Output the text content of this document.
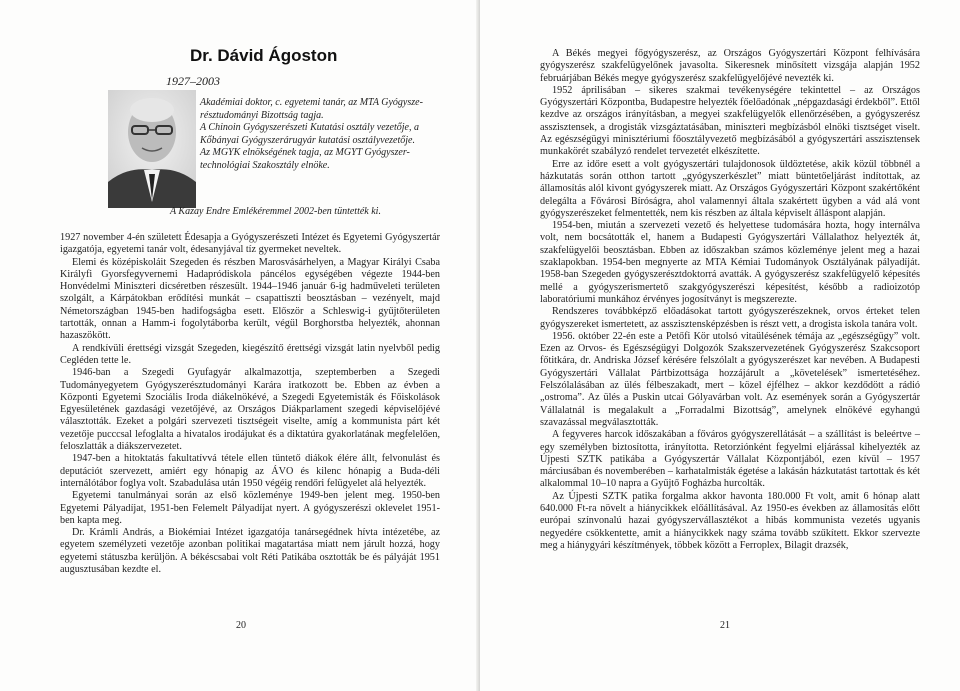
Dr. Dávid Ágoston
1927–2003

Akadémiai doktor, c. egyetemi tanár, az MTA Gyógysze-

résztudományi Bizottság tagja.

A Chinoin Gyógyszerészeti Kutatási osztály vezetője, a

Kőbányai Gyógyszerárugyár kutatási osztályvezetője.

Az MGYK elnökségének tagja, az MGYT Gyógyszer-

technológiai Szakosztály elnöke.

A Kazay Endre Emlékéremmel 2002-ben tüntették ki.

1927 november 4-én született Édesapja a Gyógyszerészeti Intézet és Egyetemi Gyógyszertár igazgatója, egyetemi tanár volt, édesanyjával tíz gyermeket neveltek.

Elemi és középiskoláit Szegeden és részben Marosvásárhelyen, a Magyar Királyi Csaba Királyfi Gyorsfegyvernemi Hadapródiskola páncélos egységében végezte 1944-ben Honvédelmi Miniszteri dicséretben részesült. 1944–1946 január 6-ig hadműveleti területen szolgált, a Kárpátokban erődítési munkát – csapattiszti beosztásban – vezényelt, majd Németországban 1945-ben hadifogságba esett. Először a Schleswig-i gyűjtőterületen tartották, onnan a Hamm-i fogolytáborba került, végül Borghorstba helyezték, ahonnan hazaszökött.

A rendkívüli érettségi vizsgát Szegeden, kiegészítő érettségi vizsgát latin nyelvből pedig Cegléden tette le.

1946-ban a Szegedi Gyufagyár alkalmazottja, szeptemberben a Szegedi Tudományegyetem Gyógyszerésztudományi Karára iratkozott be. Ebben az évben a Központi Egyetemi Szociális Iroda diákelnökévé, a Szegedi Egyetemisták és Főiskolások Egyesületének gazdasági vezetőjévé, az Országos Diákparlament szegedi képviselőjévé választották. Ezeket a polgári szervezeti tisztségeit viselte, amíg a kommunista párt két vezetője pucccsal lefoglalta a hivatalos irodájukat és a diktatúra gyakorlatának megfelelően, feloszlatták a diákszervezetet.

1947-ben a hitoktatás fakultatívvá tétele ellen tüntető diákok élére állt, felvonulást és deputációt szervezett, amiért egy hónapig az ÁVO és kilenc hónapig a Buda-déli internálótábor foglya volt. Szabadulása után 1950 végéig rendőri felügyelet alá helyezték.

Egyetemi tanulmányai során az első közleménye 1949-ben jelent meg. 1950-ben Egyetemi Pályadíjat, 1951-ben Felemelt Pályadíjat nyert. A gyógyszerészi oklevelet 1951-ben kapta meg.

Dr. Krámli András, a Biokémiai Intézet igazgatója tanársegédnek hívta intézetébe, az egyetem személyzeti vezetője azonban politikai magatartása miatt nem járult hozzá, hogy egyetemi státuszba kerüljön. A békéscsabai volt Réti Patikába osztották be és pályáját 1951 augusztusában kezdte el.

20

A Békés megyei főgyógyszerész, az Országos Gyógyszertári Központ felhívására gyógyszerész szakfelügyelőnek javasolta. Sikeresnek minősített vizsgája alapján 1952 februárjában Békés megye gyógyszerész szakfelügyelőjévé nevezték ki.

1952 áprilisában – sikeres szakmai tevékenységére tekintettel – az Országos Gyógyszertári Központba, Budapestre helyezték főelőadónak „népgazdasági érdekből”. Ettől kezdve az országos irányításban, a megyei szakfelügyelők ellenőrzésében, a gyógyszerész asszisztensek, a drogisták vizsgáztatásában, miniszteri megbízásból elnöki tisztséget viselt. Az egészségügyi minisztériumi főosztályvezető megbízásából a gyógyszertári asszisztensek munkakörét szabályzó rendelet tervezetét elkészítette.

Erre az időre esett a volt gyógyszertári tulajdonosok üldöztetése, akik közül többnél a házkutatás során otthon tartott „gyógyszerkészlet” miatt büntetőeljárást indítottak, az államosítás alól kivont gyógyszerek miatt. Az Országos Gyógyszertári Központ szakértőként delegálta a Fővárosi Bíróságra, ahol valamennyi általa szakértett ügyben a vád alá vont gyógyszerészeket felmentették, nem kis részben az általa képviselt álláspont alapján.

1954-ben, miután a szervezeti vezető és helyettese tudomására hozta, hogy internálva volt, nem bocsátották el, hanem a Budapesti Gyógyszertári Vállalathoz helyezték át, szakfelügyelői beosztásban. Ebben az időszakban számos közleménye jelent meg a hazai szaklapokban. 1954-ben megnyerte az MTA Kémiai Tudományok Osztályának pályadíját. 1958-ban Szegeden gyógyszerésztdoktorrá avatták. A gyógyszerész szakfelügyelő képesítés mellé a gyógyszerismertető szakgyógyszerészi képesítést, később a radioizotóp laboratóriumi munkához érvényes jogosítványt is megszerezte.

Rendszeres továbbképző előadásokat tartott gyógyszerészeknek, orvos érteket telen gyógyszereket ismertetett, az asszisztensképzésben is részt vett, a drogista iskola tanára volt.

1956. október 22-én este a Petőfi Kör utolsó vitaülésének témája az „egészségügy” volt. Ezen az Orvos- és Egészségügyi Dolgozók Szakszervezetének Gyógyszerész Szakcsoport főtitkára, dr. Andriska József kérésére felszólalt a gyógyszerészet kar nevében. A Budapesti Gyógyszertári Vállalat Pártbizottsága hozzájárult a „követelések” ismertetéséhez. Felszólalásában az ülés félbeszakadt, mert – közel éjfélhez – akkor kezdődött a rádió „ostroma”. Az ülés a Puskin utcai Gólyavárban volt. Az események során a Gyógyszertár Vállalatnál is megalakult a „Forradalmi Bizottság”, amelynek elnökévé egyhangú szavazással megválasztották.

A fegyveres harcok időszakában a főváros gyógyszerellátását – a szállítást is beleértve – egy személyben biztosította, irányította. Retorziónként fegyelmi eljárással kihelyezték az Újpesti SZTK patikába a Gyógyszertár Vállalat Központjából, ezen kívül – 1957 márciusában és novemberében – karhatalmisták égetése a lakásán házkutatást tartottak és két alkalommal 10–10 napra a Gyűjtő Fogházba hurcolták.

Az Újpesti SZTK patika forgalma akkor havonta 180.000 Ft volt, amit 6 hónap alatt 640.000 Ft-ra növelt a hiánycikkek előállításával. Az 1950-es években az államosítás előtt európai színvonalú hazai gyógyszervállasztékot a hibás kommunista vezetés ugyanis negyedére csökkentette, amit a hiánycikkek nagy száma tovább szűkített. Ekkor szervezte meg a hiánygyári készítmények, többek között a Ferroplex, Bilagit drazsék,

21
